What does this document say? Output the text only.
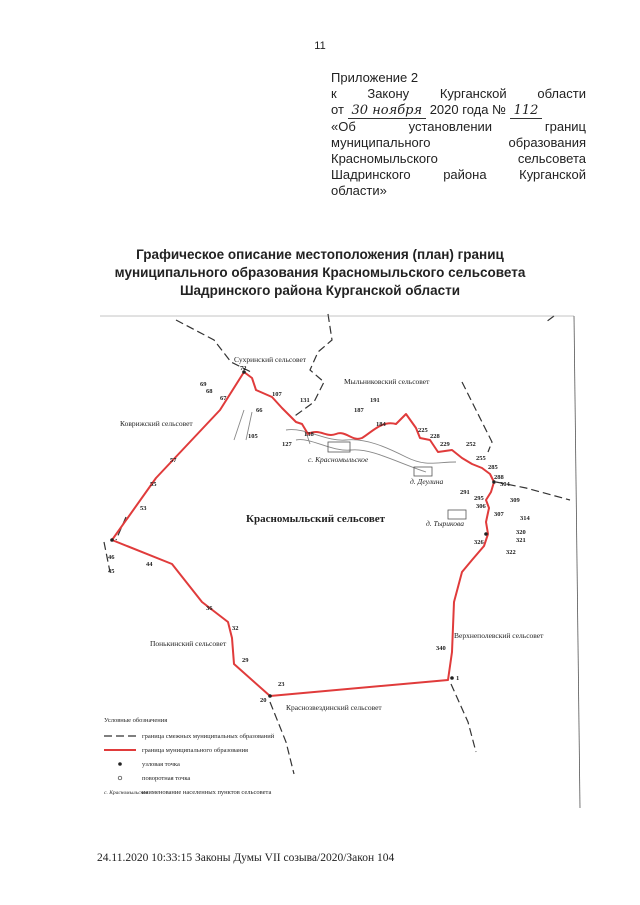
11
Приложение 2
к Закону Курганской области
от 30 ноября 2020 года № 112
«Об	установлении	границ
муниципального	образования
Красномыльского	сельсовета
Шадринского	района	Курганской
области»
Графическое описание местоположения (план) границ
муниципального образования Красномыльского сельсовета
Шадринского района Курганской области
Сухринский сельсовет
Мыльниковский сельсовет
Коврижский сельсовет
Понькинский сельсовет
Краснозвездинский сельсовет
Верхнеполевский сельсовет
Красномыльский сельсовет
с. Красномыльское
д. Деулина
д. Тырикова
72
69
68
67
66
107
131
105
127
138
187
191
184
225
228
229	252
255
285
288
304
291
295
306
307
309
314
320
321
326
322
340
1
23
20
29
32
36
44
45
46
53
55
57
Условные обозначения
граница смежных муниципальных образований
граница муниципального образования
узловая точка
поворотная точка
с. Красномыльское
наименование населенных пунктов сельсовета
24.11.2020 10:33:15 Законы Думы VII созыва/2020/Закон 104
